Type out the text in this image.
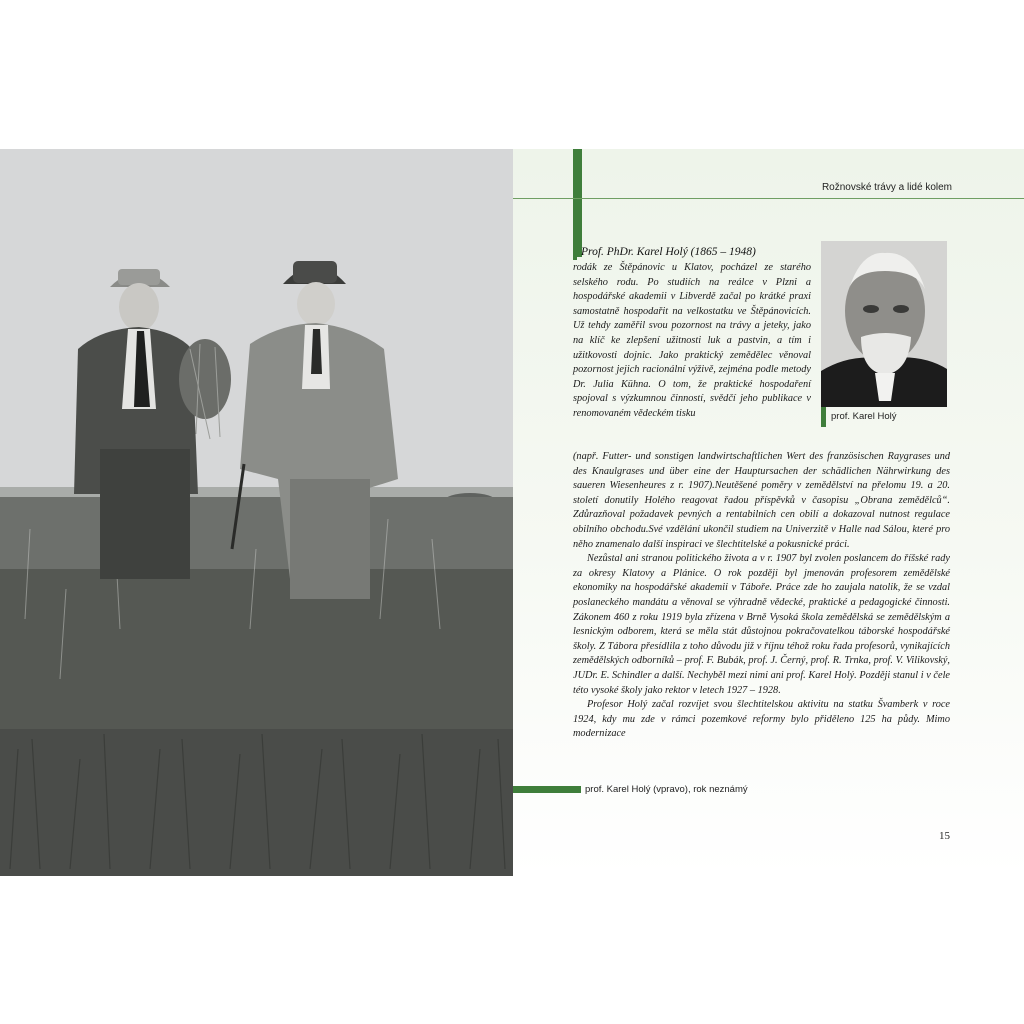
Rožnovské trávy a lidé kolem
Prof. PhDr. Karel Holý (1865 – 1948)
prof. Karel Holý

rodák ze Štěpánovic u Klatov, pocházel ze starého selského rodu. Po studiích na reálce v Plzni a hospodářské akademii v Libverdě začal po krátké praxi samostatně hospodařit na velkostatku ve Štěpánovicích. Už tehdy zaměřil svou pozornost na trávy a jeteky, jako na klíč ke zlepšení užitnosti luk a pastvin, a tím i užitkovosti dojnic. Jako praktický zemědělec věnoval pozornost jejich racionální výživě, zejména podle metody Dr. Julia Kühna. O tom, že praktické hospodaření spojoval s výzkumnou činností, svědčí jeho publikace v renomovaném vědeckém tisku

(např. Futter- und sonstigen landwirtschaftlichen Wert des französischen Raygrases und des Knaulgrases und über eine der Hauptursachen der schädlichen Nährwirkung des saueren Wiesenheures z r. 1907).Neutěšené poměry v zemědělství na přelomu 19. a 20. století donutily Holého reagovat řadou příspěvků v časopisu „Obrana zemědělců“. Zdůrazňoval požadavek pevných a rentabilních cen obilí a dokazoval nutnost regulace obilního obchodu.Své vzdělání ukončil studiem na Univerzitě v Halle nad Sálou, které pro něho znamenalo další inspiraci ve šlechtitelské a pokusnické práci.

Nezůstal ani stranou politického života a v r. 1907 byl zvolen poslancem do říšské rady za okresy Klatovy a Plánice. O rok později byl jmenován profesorem zemědělské ekonomiky na hospodářské akademii v Táboře. Práce zde ho zaujala natolik, že se vzdal poslaneckého mandátu a věnoval se výhradně vědecké, praktické a pedagogické činnosti. Zákonem 460 z roku 1919 byla zřízena v Brně Vysoká škola zemědělská se zemědělským a lesnickým odborem, která se měla stát důstojnou pokračovatelkou táborské hospodářské školy. Z Tábora přesídlila z toho důvodu již v říjnu téhož roku řada profesorů, vynikajících zemědělských odborníků – prof. F. Bubák, prof. J. Černý, prof. R. Trnka, prof. V. Vilikovský, JUDr. E. Schindler a další. Nechyběl mezi nimi ani prof. Karel Holý. Později stanul i v čele této vysoké školy jako rektor v letech 1927 – 1928.

Profesor Holý začal rozvíjet svou šlechtitelskou aktivitu na statku Švamberk v roce 1924, kdy mu zde v rámci pozemkové reformy bylo přiděleno 125 ha půdy. Mimo modernizace

prof. Karel Holý (vpravo), rok neznámý
15
